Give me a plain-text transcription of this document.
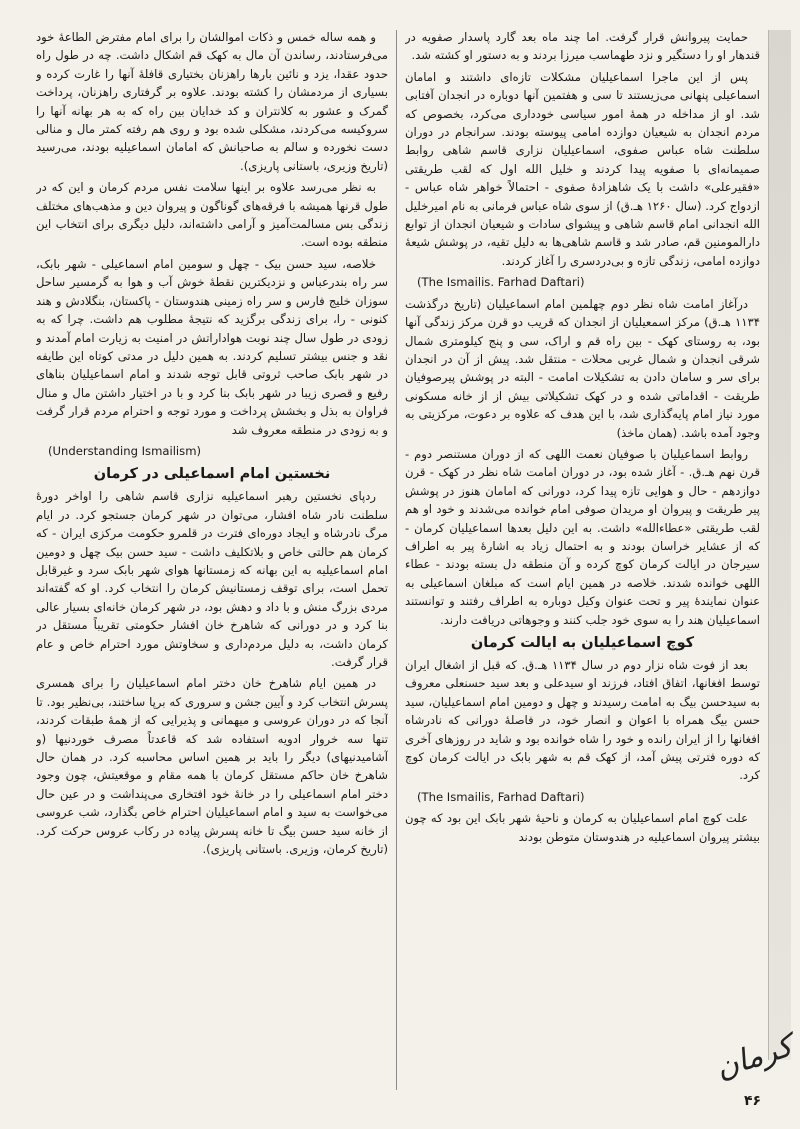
حمایت پیروانش قرار گرفت. اما چند ماه بعد گارد پاسدار صفویه در قندهار او را دستگیر و نزد طهماسب میرزا بردند و به دستور او کشته شد.

پس از این ماجرا اسماعیلیان مشکلات تازه‌ای داشتند و امامان اسماعیلی پنهانی می‌زیستند تا سی و هفتمین آنها دوباره در انجدان آفتابی شد. او از مداخله در همهٔ امور سیاسی خودداری می‌کرد، بخصوص که مردم انجدان به شیعیان دوازده امامی پیوسته بودند. سرانجام در دوران سلطنت شاه عباس صفوی، اسماعیلیان نزاری قاسم شاهی روابط صمیمانه‌ای با صفویه پیدا کردند و خلیل الله اول که لقب طریقتی «فقیرعلی» داشت با یک شاهزادهٔ صفوی - احتمالاً خواهر شاه عباس - ازدواج کرد. (سال ۱۲۶۰ هـ.ق) از سوی شاه عباس فرمانی به نام امیرخلیل الله انجدانی امام قاسم شاهی و پیشوای سادات و شیعیان انجدان از توابع دارالمومنین قم، صادر شد و قاسم شاهی‌ها به دلیل تقیه، در پوشش شیعهٔ دوازده امامی، زندگی تازه و بی‌دردسری را آغاز کردند.

(The Ismailis. Farhad Daftari)

درآغاز امامت شاه نظر دوم چهلمین امام اسماعیلیان (تاریخ درگذشت ۱۱۳۴ هـ.ق) مرکز اسمعیلیان از انجدان که قریب دو قرن مرکز زندگی آنها بود، به روستای کهک - بین راه قم و اراک، سی و پنج کیلومتری شمال شرقی انجدان و شمال غربی محلات - منتقل شد. پیش از آن در انجدان برای سر و سامان دادن به تشکیلات امامت - البته در پوشش پیرصوفیان طریقت - اقداماتی شده و در کهک تشکیلاتی بیش از از خانه مسکونی مورد نیاز امام پایه‌گذاری شد، با این هدف که علاوه بر دعوت، مرکزیتی به وجود آمده باشد. (همان ماخذ)

روابط اسماعیلیان با صوفیان نعمت اللهی که از دوران مستنصر دوم - قرن نهم هـ.ق. - آغاز شده بود، در دوران امامت شاه نظر در کهک - قرن دوازدهم - حال و هوایی تازه پیدا کرد، دورانی که امامان هنوز در پوشش پیر طریقت و پیروان او مریدان صوفی امام خوانده می‌شدند و خود او هم لقب طریقتی «عطاءالله» داشت. به این دلیل بعدها اسماعیلیان کرمان - که از عشایر خراسان بودند و به احتمال زیاد به اشارهٔ پیر به اطراف سیرجان در ایالت کرمان کوچ کرده و آن منطقه دل بسته بودند - عطاء اللهی خوانده شدند. خلاصه در همین ایام است که مبلغان اسماعیلی به عنوان نمایندهٔ پیر و تحت عنوان وکیل دوباره به اطراف رفتند و توانستند اسماعیلیان هند را به سوی خود جلب کنند و وجوهاتی دریافت دارند.

کوچ اسماعیلیان به ایالت کرمان

بعد از فوت شاه نزار دوم در سال ۱۱۳۴ هـ.ق. که قبل از اشغال ایران توسط افغانها، اتفاق افتاد، فرزند او سیدعلی و بعد سید حسنعلی معروف به سیدحسن بیگ به امامت رسیدند و چهل و دومین امام اسماعیلیان، سید حسن بیگ همراه با اعوان و انصار خود، در فاصلهٔ دورانی که نادرشاه افغانها را از ایران رانده و خود را شاه خوانده بود و شاید در روزهای آخری که دوره فترتی پیش آمد، از کهک قم به شهر بابک در ایالت کرمان کوچ کرد.

(The Ismailis, Farhad Daftari)

علت کوچ امام اسماعیلیان به کرمان و ناحیهٔ شهر بابک این بود که چون بیشتر پیروان اسماعیلیه در هندوستان متوطن بودند

و همه ساله خمس و ذکات اموالشان را برای امام مفترض الطاعهٔ خود می‌فرستادند، رساندن آن مال به کهک قم اشکال داشت. چه در طول راه حدود عقدا، یزد و نائین بارها راهزنان بختیاری قافلهٔ آنها را غارت کرده و بسیاری از مردمشان را کشته بودند. علاوه بر گرفتاری راهزنان، پرداخت گمرک و عشور به کلانتران و کد خدایان بین راه که به هر بهانه آنها را سروکیسه می‌کردند، مشکلی شده بود و روی هم رفته کمتر مال و منالی دست نخورده و سالم به صاحبانش که امامان اسماعیلیه بودند، می‌رسید (تاریخ وزیری، باستانی پاریزی).

به نظر می‌رسد علاوه بر اینها سلامت نفس مردم کرمان و این که در طول قرنها همیشه با فرقه‌های گوناگون و پیروان دین و مذهب‌های مختلف زندگی بس مسالمت‌آمیز و آرامی داشته‌اند، دلیل دیگری برای انتخاب این منطقه بوده است.

خلاصه، سید حسن بیک - چهل و سومین امام اسماعیلی - شهر بابک، سر راه بندرعباس و نزدیکترین نقطهٔ خوش آب و هوا به گرمسیر ساحل سوزان خلیج فارس و سر راه زمینی هندوستان - پاکستان، بنگلادش و هند کنونی - را، برای زندگی برگزید که نتیجهٔ مطلوب هم داشت. چرا که به زودی در طول سال چند نوبت هواداراتش در امنیت به زیارت امام آمدند و نقد و جنس بیشتر تسلیم کردند. به همین دلیل در مدتی کوتاه این طایفه در شهر بابک صاحب ثروتی قابل توجه شدند و امام اسماعیلیان بناهای رفیع و قصری زیبا در شهر بابک بنا کرد و با در اختیار داشتن مال و منال فراوان به بذل و بخشش پرداخت و مورد توجه و احترام مردم قرار گرفت و به زودی در منطقه معروف شد

(Understanding Ismailism)

نخستین امام اسماعیلی در کرمان

ردپای نخستین رهبر اسماعیلیه نزاری قاسم شاهی را اواخر دورهٔ سلطنت نادر شاه افشار، می‌توان در شهر کرمان جستجو کرد. در ایام مرگ نادرشاه و ایجاد دوره‌ای فترت در قلمرو حکومت مرکزی ایران - که کرمان هم حالتی خاص و بلاتکلیف داشت - سید حسن بیک چهل و دومین امام اسماعیلیه به این بهانه که زمستانها هوای شهر بابک سرد و غیرقابل تحمل است، برای توقف زمستانیش کرمان را انتخاب کرد. او که گفته‌اند مردی بزرگ منش و با داد و دهش بود، در شهر کرمان خانه‌ای بسیار عالی بنا کرد و در دورانی که شاهرخ خان افشار حکومتی تقریباً مستقل در کرمان داشت، به دلیل مردم‌داری و سخاوتش مورد احترام خاص و عام قرار گرفت.

در همین ایام شاهرخ خان دختر امام اسماعیلیان را برای همسری پسرش انتخاب کرد و آیین جشن و سروری که برپا ساختند، بی‌نظیر بود. تا آنجا که در دوران عروسی و میهمانی و پذیرایی که از همهٔ طبقات کردند، تنها سه خروار ادویه استفاده شد که قاعدتاً مصرف خوردنیها (و آشامیدنیهای) دیگر را باید بر همین اساس محاسبه کرد. در همان حال شاهرخ خان حاکم مستقل کرمان با همه مقام و موقعیتش، چون وجود دختر امام اسماعیلی را در خانهٔ خود افتخاری می‌پنداشت و در عین حال می‌خواست به سید و امام اسماعیلیان احترام خاص بگذارد، شب عروسی از خانه سید حسن بیگ تا خانه پسرش پیاده در رکاب عروس حرکت کرد. (تاریخ کرمان، وزیری. باستانی پاریزی).

کرمان
۴۶
